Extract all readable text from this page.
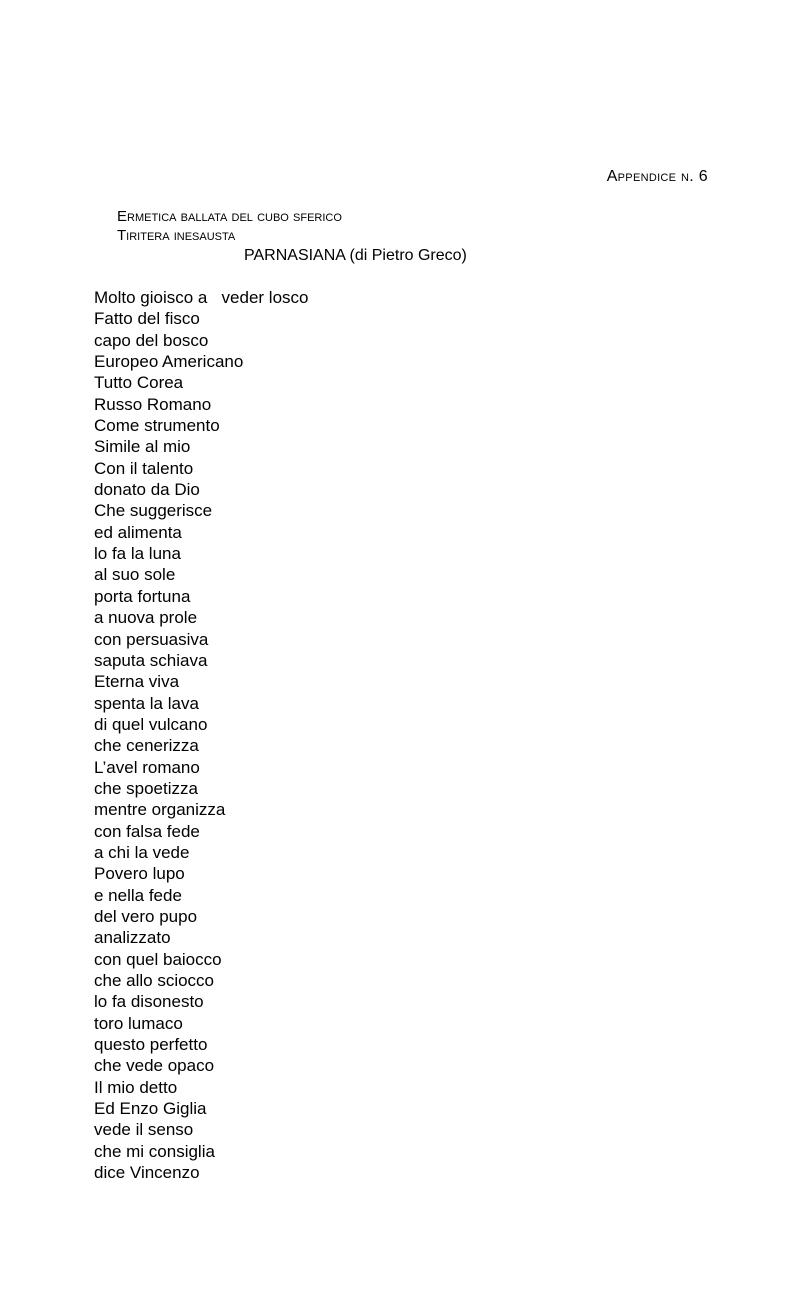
Appendice n. 6
Ermetica ballata del cubo sferico
Tiritera inesausta
PARNASIANA (di Pietro Greco)
Molto gioisco a   veder losco
Fatto del fisco
capo del bosco
Europeo Americano
Tutto Corea
Russo Romano
Come strumento
Simile al mio
Con il talento
donato da Dio
Che suggerisce
ed alimenta
lo fa la luna
al suo sole
porta fortuna
a nuova prole
con persuasiva
saputa schiava
Eterna viva
spenta la lava
di quel vulcano
che cenerizza
L’avel romano
che spoetizza
mentre organizza
con falsa fede
a chi la vede
Povero lupo
e nella fede
del vero pupo
analizzato
con quel baiocco
che allo sciocco
lo fa disonesto
toro lumaco
questo perfetto
che vede opaco
Il mio detto
Ed Enzo Giglia
vede il senso
che mi consiglia
dice Vincenzo
